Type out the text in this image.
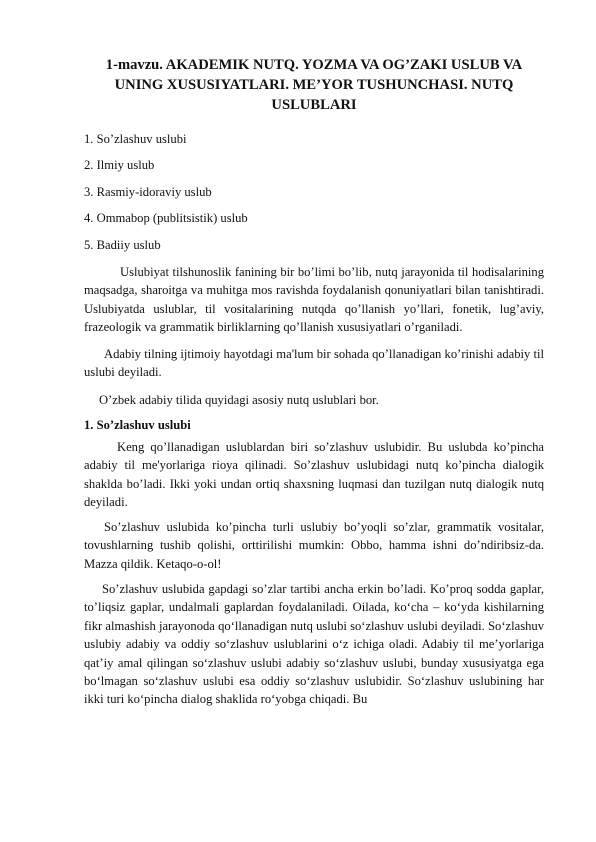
1-mavzu. AKADEMIK NUTQ. YOZMA VA OG’ZAKI USLUB VA UNING XUSUSIYATLARI. ME’YOR TUSHUNCHASI. NUTQ USLUBLARI
1. So’zlashuv uslubi
2. Ilmiy uslub
3. Rasmiy-idoraviy uslub
4. Ommabop (publitsistik) uslub
5. Badiiy uslub
Uslubiyat tilshunoslik fanining bir bo’limi bo’lib, nutq jarayonida til hodisalarining maqsadga, sharoitga va muhitga mos ravishda foydalanish qonuniyatlari bilan tanishtiradi. Uslubiyatda uslublar, til vositalarining nutqda qo’llanish yo’llari, fonetik, lug’aviy, frazeologik va grammatik birliklarning qo’llanish xususiyatlari o’rganiladi.
Adabiy tilning ijtimoiy hayotdagi ma'lum bir sohada qo’llanadigan ko’rinishi adabiy til uslubi deyiladi.
O’zbek adabiy tilida quyidagi asosiy nutq uslublari bor.
1. So’zlashuv uslubi
Keng qo’llanadigan uslublardan biri so’zlashuv uslubidir. Bu uslubda ko’pincha adabiy til me'yorlariga rioya qilinadi. So’zlashuv uslubidagi nutq ko’pincha dialogik shaklda bo’ladi. Ikki yoki undan ortiq shaxsning luqmasi dan tuzilgan nutq dialogik nutq deyiladi.
So’zlashuv uslubida ko’pincha turli uslubiy bo’yoqli so’zlar, grammatik vositalar, tovushlarning tushib qolishi, orttirilishi mumkin: Obbo, hamma ishni do’ndiribsiz-da. Mazza qildik. Ketaqo-o-ol!
So’zlashuv uslubida gapdagi so’zlar tartibi ancha erkin bo’ladi. Ko’proq sodda gaplar, to’liqsiz gaplar, undalmali gaplardan foydalaniladi. Oilada, ko‘cha – ko‘yda kishilarning fikr almashish jarayonoda qo‘llanadigan nutq uslubi so‘zlashuv uslubi deyiladi. So‘zlashuv uslubiy adabiy va oddiy so‘zlashuv uslublarini o‘z ichiga oladi. Adabiy til me’yorlariga qat’iy amal qilingan so‘zlashuv uslubi adabiy so‘zlashuv uslubi, bunday xususiyatga ega bo‘lmagan so‘zlashuv uslubi esa oddiy so‘zlashuv uslubidir. So‘zlashuv uslubining har ikki turi ko‘pincha dialog shaklida ro‘yobga chiqadi. Bu
